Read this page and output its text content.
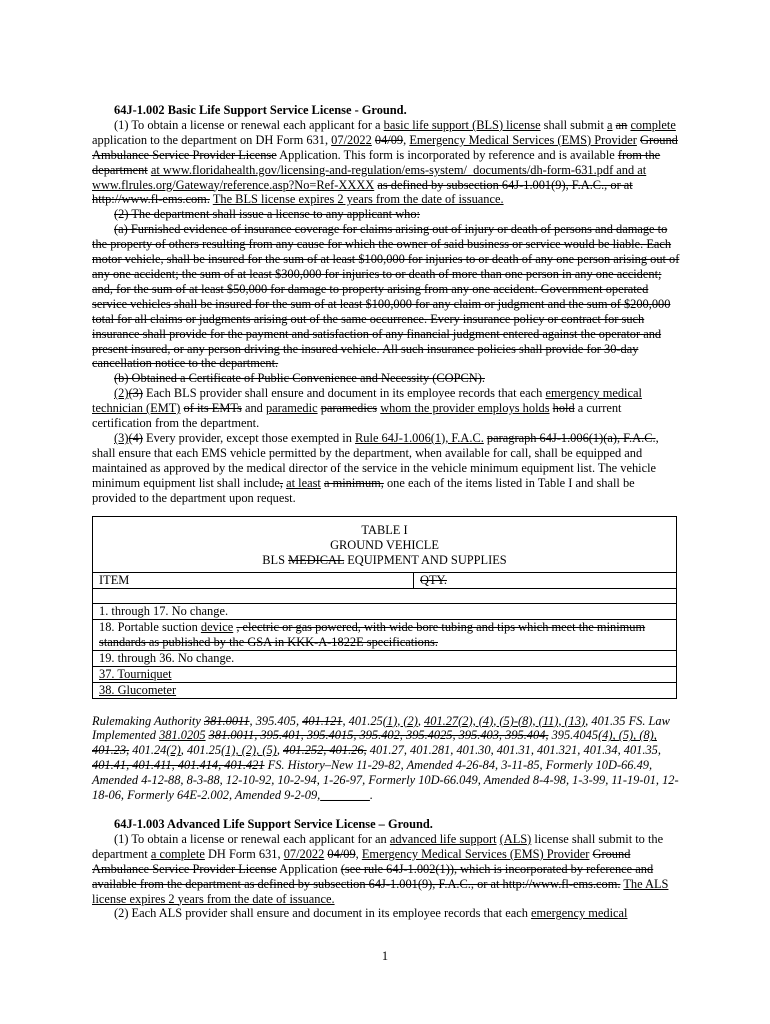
64J-1.002 Basic Life Support Service License - Ground.

(1) To obtain a license or renewal each applicant for a basic life support (BLS) license shall submit a an complete application to the department on DH Form 631, 07/2022 04/09, Emergency Medical Services (EMS) Provider Ground Ambulance Service Provider License Application. This form is incorporated by reference and is available from the department at www.floridahealth.gov/licensing-and-regulation/ems-system/_documents/dh-form-631.pdf and at www.flrules.org/Gateway/reference.asp?No=Ref-XXXX as defined by subsection 64J-1.001(9), F.A.C., or at http://www.fl-ems.com. The BLS license expires 2 years from the date of issuance.

(2) The department shall issue a license to any applicant who:

(a) Furnished evidence of insurance coverage for claims arising out of injury or death of persons and damage to the property of others resulting from any cause for which the owner of said business or service would be liable. Each motor vehicle, shall be insured for the sum of at least $100,000 for injuries to or death of any one person arising out of any one accident; the sum of at least $300,000 for injuries to or death of more than one person in any one accident; and, for the sum of at least $50,000 for damage to property arising from any one accident. Government operated service vehicles shall be insured for the sum of at least $100,000 for any claim or judgment and the sum of $200,000 total for all claims or judgments arising out of the same occurrence. Every insurance policy or contract for such insurance shall provide for the payment and satisfaction of any financial judgment entered against the operator and present insured, or any person driving the insured vehicle. All such insurance policies shall provide for 30-day cancellation notice to the department.

(b) Obtained a Certificate of Public Convenience and Necessity (COPCN).

(2)(3) Each BLS provider shall ensure and document in its employee records that each emergency medical technician (EMT) of its EMTs and paramedic paramedics whom the provider employs holds hold a current certification from the department.

(3)(4) Every provider, except those exempted in Rule 64J-1.006(1), F.A.C. paragraph 64J-1.006(1)(a), F.A.C., shall ensure that each EMS vehicle permitted by the department, when available for call, shall be equipped and maintained as approved by the medical director of the service in the vehicle minimum equipment list. The vehicle minimum equipment list shall include, at least a minimum, one each of the items listed in Table I and shall be provided to the department upon request.

TABLE I
GROUND VEHICLE
BLS MEDICAL EQUIPMENT AND SUPPLIES

ITEM	QTY.

1. through 17. No change.
18. Portable suction device , electric or gas powered, with wide bore tubing and tips which meet the minimum standards as published by the GSA in KKK-A-1822E specifications.
19. through 36. No change.
37. Tourniquet
38. Glucometer

Rulemaking Authority 381.0011, 395.405, 401.121, 401.25(1), (2), 401.27(2), (4), (5)-(8), (11), (13), 401.35 FS. Law Implemented 381.0205 381.0011, 395.401, 395.4015, 395.402, 395.4025, 395.403, 395.404, 395.4045(4), (5), (8), 401.23, 401.24(2), 401.25(1), (2), (5), 401.252, 401.26, 401.27, 401.281, 401.30, 401.31, 401.321, 401.34, 401.35, 401.41, 401.411, 401.414, 401.421 FS. History–New 11-29-82, Amended 4-26-84, 3-11-85, Formerly 10D-66.49, Amended 4-12-88, 8-3-88, 12-10-92, 10-2-94, 1-26-97, Formerly 10D-66.049, Amended 8-4-98, 1-3-99, 11-19-01, 12-18-06, Formerly 64E-2.002, Amended 9-2-09,________.

64J-1.003 Advanced Life Support Service License – Ground.

(1) To obtain a license or renewal each applicant for an advanced life support (ALS) license shall submit to the department a complete DH Form 631, 07/2022 04/09, Emergency Medical Services (EMS) Provider Ground Ambulance Service Provider License Application (see rule 64J-1.002(1)), which is incorporated by reference and available from the department as defined by subsection 64J-1.001(9), F.A.C., or at http://www.fl-ems.com. The ALS license expires 2 years from the date of issuance.

(2) Each ALS provider shall ensure and document in its employee records that each emergency medical

1
